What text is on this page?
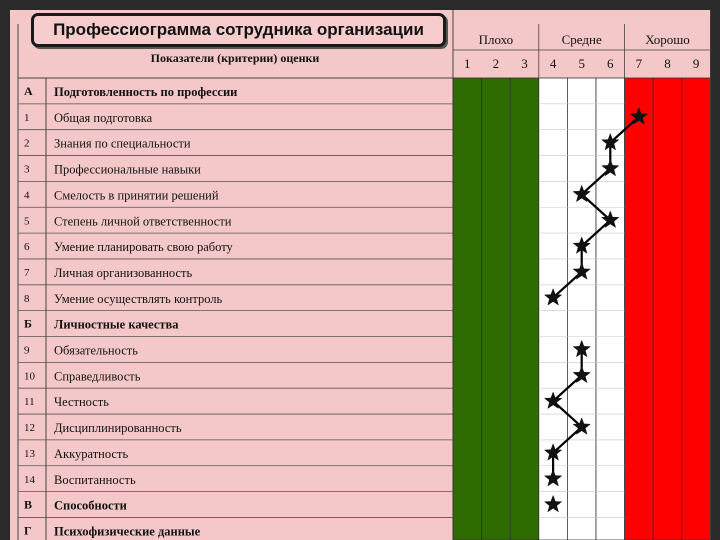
Показатели (критерии) оценки
А Подготовленность по профессии
1 Общая подготовка
2 Знания по специальности
3 Профессиональные навыки
4 Смелость в принятии решений
5 Степень личной ответственности
6 Умение планировать свою работу
7 Личная организованность
8 Умение осуществлять контроль
Б Личностные качества
9 Обязательность
10 Справедливость
11 Честность
12 Дисциплинированность
13 Аккуратность
14 Воспитанность
В Способности
Г Психофизические данные
1 2 3 4 5 6 7 8 9
Плохо	Средне	Хорошо
Профессиограмма сотрудника организации
